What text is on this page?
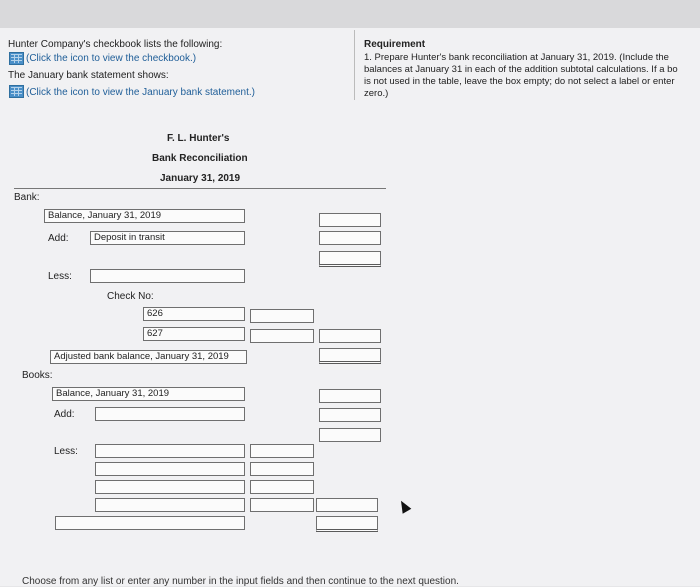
Hunter Company's checkbook lists the following:
(Click the icon to view the checkbook.)
The January bank statement shows:
(Click the icon to view the January bank statement.)
Requirement
1. Prepare Hunter's bank reconciliation at January 31, 2019. (Include the
balances at January 31 in each of the addition subtotal calculations. If a bo
is not used in the table, leave the box empty; do not select a label or enter
zero.)
F. L. Hunter's
Bank Reconciliation
January 31, 2019
Bank:
Balance, January 31, 2019
Add:	Deposit in transit
Less:
Check No:
626
627
Adjusted bank balance, January 31, 2019
Books:
Balance, January 31, 2019
Add:
Less:
Choose from any list or enter any number in the input fields and then continue to the next question.
